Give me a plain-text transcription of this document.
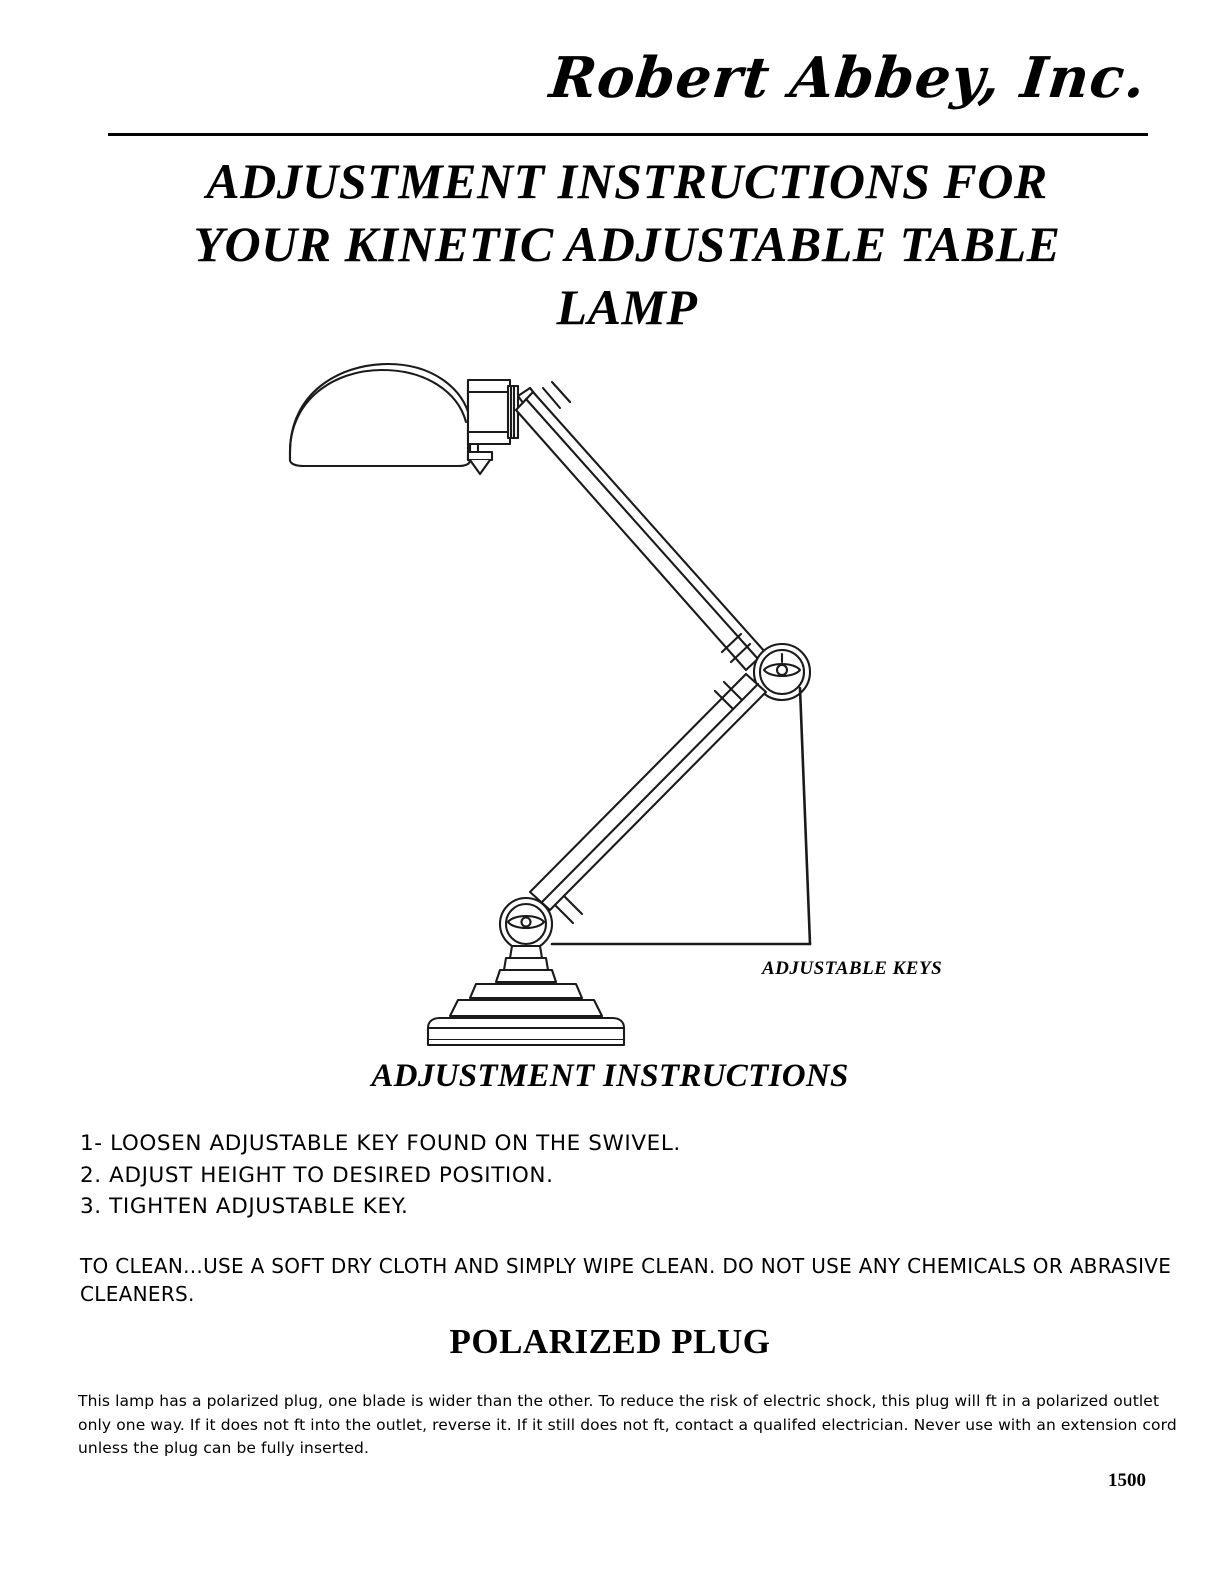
Robert Abbey, Inc.
ADJUSTMENT INSTRUCTIONS FOR
YOUR KINETIC ADJUSTABLE TABLE
LAMP
ADJUSTABLE KEYS
ADJUSTMENT INSTRUCTIONS
1- LOOSEN ADJUSTABLE KEY FOUND ON THE SWIVEL.
2. ADJUST HEIGHT TO DESIRED POSITION.
3. TIGHTEN ADJUSTABLE KEY.
TO CLEAN...USE A SOFT DRY CLOTH AND SIMPLY WIPE CLEAN. DO NOT USE ANY CHEMICALS OR ABRASIVE CLEANERS.
POLARIZED PLUG
This lamp has a polarized plug, one blade is wider than the other. To reduce the risk of electric shock, this plug will ft in a polarized outlet only one way. If it does not ft into the outlet, reverse it. If it still does not ft, contact a qualifed electrician. Never use with an extension cord unless the plug can be fully inserted.
1500
